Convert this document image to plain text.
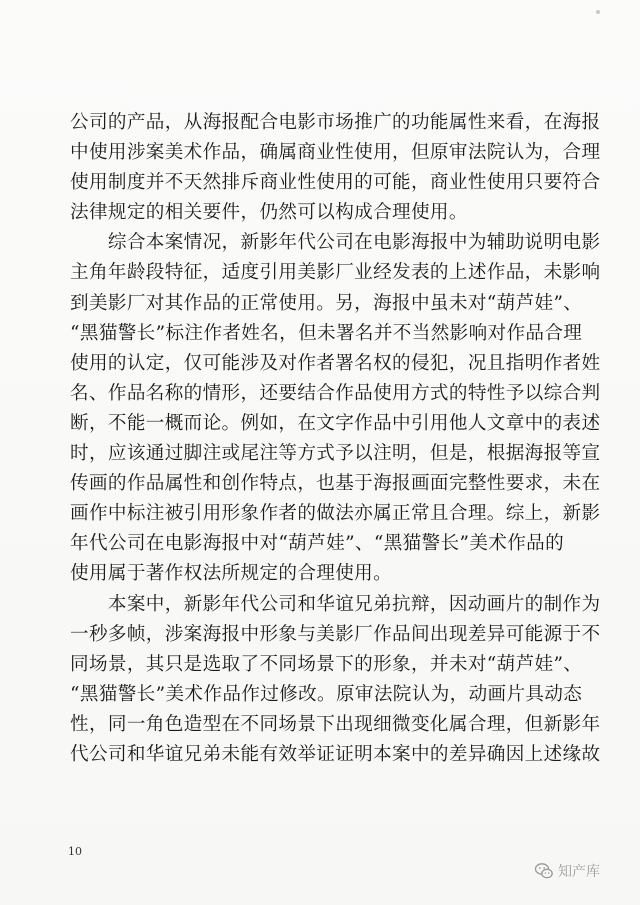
公司的产品，从海报配合电影市场推广的功能属性来看，在海报
中使用涉案美术作品，确属商业性使用，但原审法院认为，合理
使用制度并不天然排斥商业性使用的可能，商业性使用只要符合
法律规定的相关要件，仍然可以构成合理使用。
　　综合本案情况，新影年代公司在电影海报中为辅助说明电影
主角年龄段特征，适度引用美影厂业经发表的上述作品，未影响
到美影厂对其作品的正常使用。另，海报中虽未对“葫芦娃”、
“黑猫警长”标注作者姓名，但未署名并不当然影响对作品合理
使用的认定，仅可能涉及对作者署名权的侵犯，况且指明作者姓
名、作品名称的情形，还要结合作品使用方式的特性予以综合判
断，不能一概而论。例如，在文字作品中引用他人文章中的表述
时，应该通过脚注或尾注等方式予以注明，但是，根据海报等宣
传画的作品属性和创作特点，也基于海报画面完整性要求，未在
画作中标注被引用形象作者的做法亦属正常且合理。综上，新影
年代公司在电影海报中对“葫芦娃”、“黑猫警长”美术作品的
使用属于著作权法所规定的合理使用。
　　本案中，新影年代公司和华谊兄弟抗辩，因动画片的制作为
一秒多帧，涉案海报中形象与美影厂作品间出现差异可能源于不
同场景，其只是选取了不同场景下的形象，并未对“葫芦娃”、
“黑猫警长”美术作品作过修改。原审法院认为，动画片具动态
性，同一角色造型在不同场景下出现细微变化属合理，但新影年
代公司和华谊兄弟未能有效举证证明本案中的差异确因上述缘故
10
知产库
